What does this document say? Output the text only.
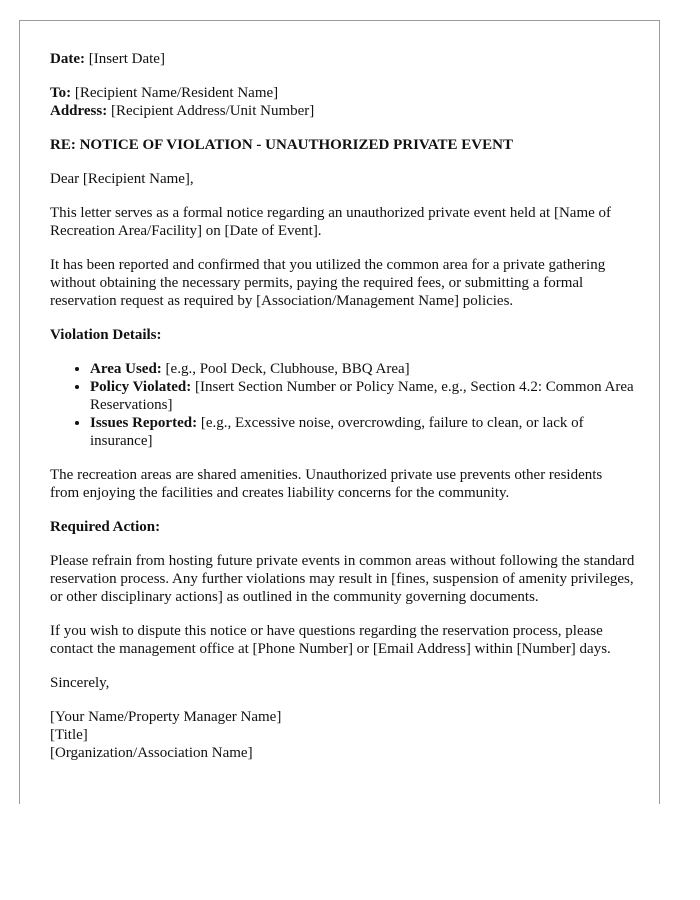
Date: [Insert Date]

To: [Recipient Name/Resident Name]

Address: [Recipient Address/Unit Number]

RE: NOTICE OF VIOLATION - UNAUTHORIZED PRIVATE EVENT

Dear [Recipient Name],

This letter serves as a formal notice regarding an unauthorized private event held at [Name of Recreation Area/Facility] on [Date of Event].

It has been reported and confirmed that you utilized the common area for a private gathering without obtaining the necessary permits, paying the required fees, or submitting a formal reservation request as required by [Association/Management Name] policies.

Violation Details:

• Area Used: [e.g., Pool Deck, Clubhouse, BBQ Area]
• Policy Violated: [Insert Section Number or Policy Name, e.g., Section 4.2: Common Area Reservations]
• Issues Reported: [e.g., Excessive noise, overcrowding, failure to clean, or lack of insurance]

The recreation areas are shared amenities. Unauthorized private use prevents other residents from enjoying the facilities and creates liability concerns for the community.

Required Action:

Please refrain from hosting future private events in common areas without following the standard reservation process. Any further violations may result in [fines, suspension of amenity privileges, or other disciplinary actions] as outlined in the community governing documents.

If you wish to dispute this notice or have questions regarding the reservation process, please contact the management office at [Phone Number] or [Email Address] within [Number] days.

Sincerely,

[Your Name/Property Manager Name]
[Title]
[Organization/Association Name]
